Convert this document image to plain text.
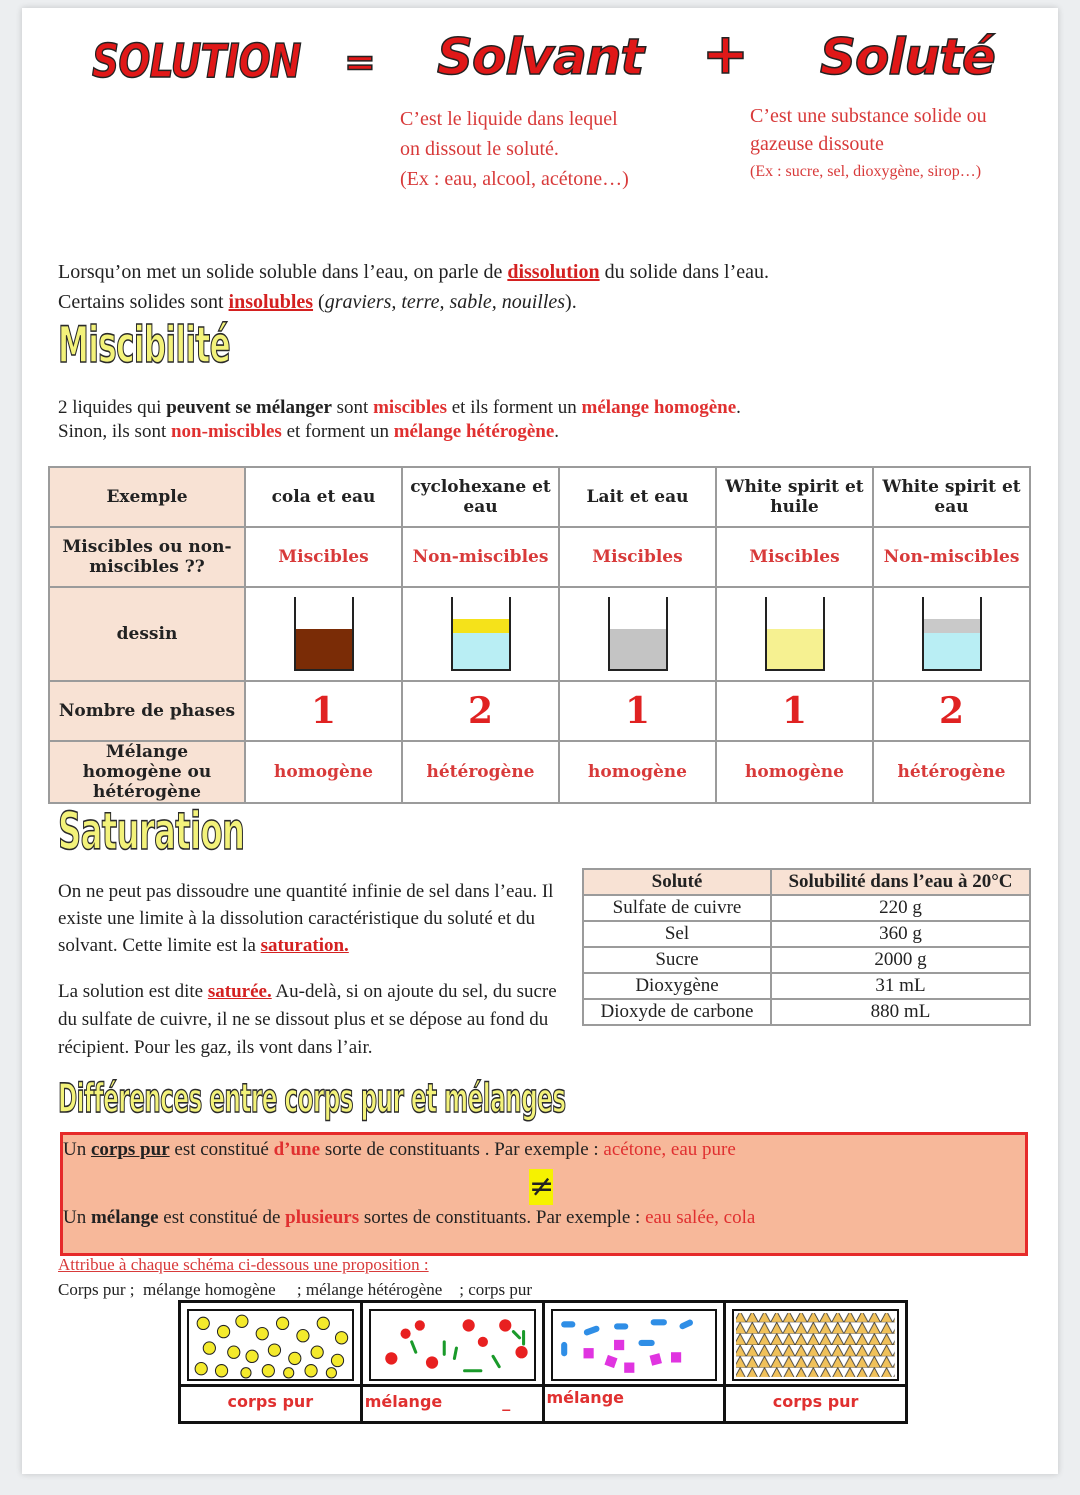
SOLUTION = Solvant + Soluté
C’est le liquide dans lequel
on dissout le soluté.
(Ex : eau, alcool, acétone…)
C’est une substance solide ou
gazeuse dissoute
(Ex : sucre, sel, dioxygène, sirop…)
Lorsqu’on met un solide soluble dans l’eau, on parle de dissolution du solide dans l’eau.
Certains solides sont insolubles (graviers, terre, sable, nouilles).
Miscibilité
2 liquides qui peuvent se mélanger sont miscibles et ils forment un mélange homogène.
Sinon, ils sont non-miscibles et forment un mélange hétérogène.
Exemple	cola et eau	cyclohexane et eau	Lait et eau	White spirit et huile	White spirit et eau
Miscibles ou non-miscibles ??	Miscibles	Non-miscibles	Miscibles	Miscibles	Non-miscibles
dessin	

Nombre de phases	1	2	1	1	2
Mélange homogène ou hétérogène	homogène	hétérogène	homogène	homogène	hétérogène
Saturation
On ne peut pas dissoudre une quantité infinie de sel dans l’eau. Il existe une limite à la dissolution caractéristique du soluté et du solvant. Cette limite est la saturation.
La solution est dite saturée. Au-delà, si on ajoute du sel, du sucre du sulfate de cuivre, il ne se dissout plus et se dépose au fond du récipient. Pour les gaz, ils vont dans l’air.
Soluté	Solubilité dans l’eau à 20°C
Sulfate de cuivre	220 g
Sel	360 g
Sucre	2000 g
Dioxygène	31 mL
Dioxyde de carbone	880 mL
Différences entre corps pur et mélanges
Un corps pur est constitué d’une sorte de constituants . Par exemple : acétone, eau pure
≠
Un mélange est constitué de plusieurs sortes de constituants. Par exemple : eau salée, cola
Attribue à chaque schéma ci-dessous une proposition :
Corps pur ;  mélange homogène     ; mélange hétérogène    ; corps pur
corps pur	mélange	_	mélange	corps pur
